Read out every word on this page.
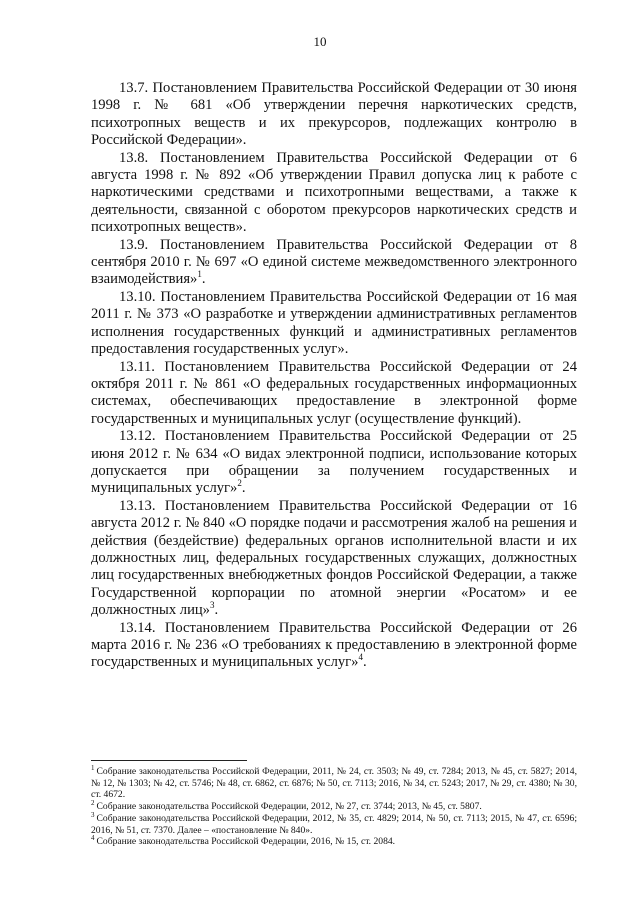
10

13.7. Постановлением Правительства Российской Федерации от 30 июня 1998 г. № 681 «Об утверждении перечня наркотических средств, психотропных веществ и их прекурсоров, подлежащих контролю в Российской Федерации».

13.8. Постановлением Правительства Российской Федерации от 6 августа 1998 г. № 892 «Об утверждении Правил допуска лиц к работе с наркотическими средствами и психотропными веществами, а также к деятельности, связанной с оборотом прекурсоров наркотических средств и психотропных веществ».

13.9. Постановлением Правительства Российской Федерации от 8 сентября 2010 г. № 697 «О единой системе межведомственного электронного взаимодействия»$^1$.

13.10. Постановлением Правительства Российской Федерации от 16 мая 2011 г. № 373 «О разработке и утверждении административных регламентов исполнения государственных функций и административных регламентов предоставления государственных услуг».

13.11. Постановлением Правительства Российской Федерации от 24 октября 2011 г. № 861 «О федеральных государственных информационных системах, обеспечивающих предоставление в электронной форме государственных и муниципальных услуг (осуществление функций).

13.12. Постановлением Правительства Российской Федерации от 25 июня 2012 г. № 634 «О видах электронной подписи, использование которых допускается при обращении за получением государственных и муниципальных услуг»$^2$.

13.13. Постановлением Правительства Российской Федерации от 16 августа 2012 г. № 840 «О порядке подачи и рассмотрения жалоб на решения и действия (бездействие) федеральных органов исполнительной власти и их должностных лиц, федеральных государственных служащих, должностных лиц государственных внебюджетных фондов Российской Федерации, а также Государственной корпорации по атомной энергии «Росатом» и ее должностных лиц»$^3$.

13.14. Постановлением Правительства Российской Федерации от 26 марта 2016 г. № 236 «О требованиях к предоставлению в электронной форме государственных и муниципальных услуг»$^4$.

$^1$ Собрание законодательства Российской Федерации, 2011, № 24, ст. 3503; № 49, ст. 7284; 2013, № 45, ст. 5827; 2014, № 12, № 1303; № 42, ст. 5746; № 48, ст. 6862, ст. 6876; № 50, ст. 7113; 2016, № 34, ст. 5243; 2017, № 29, ст. 4380; № 30, ст. 4672.

$^2$ Собрание законодательства Российской Федерации, 2012, № 27, ст. 3744; 2013, № 45, ст. 5807.

$^3$ Собрание законодательства Российской Федерации, 2012, № 35, ст. 4829; 2014, № 50, ст. 7113; 2015, № 47, ст. 6596; 2016, № 51, ст. 7370. Далее – «постановление № 840».

$^4$ Собрание законодательства Российской Федерации, 2016, № 15, ст. 2084.
